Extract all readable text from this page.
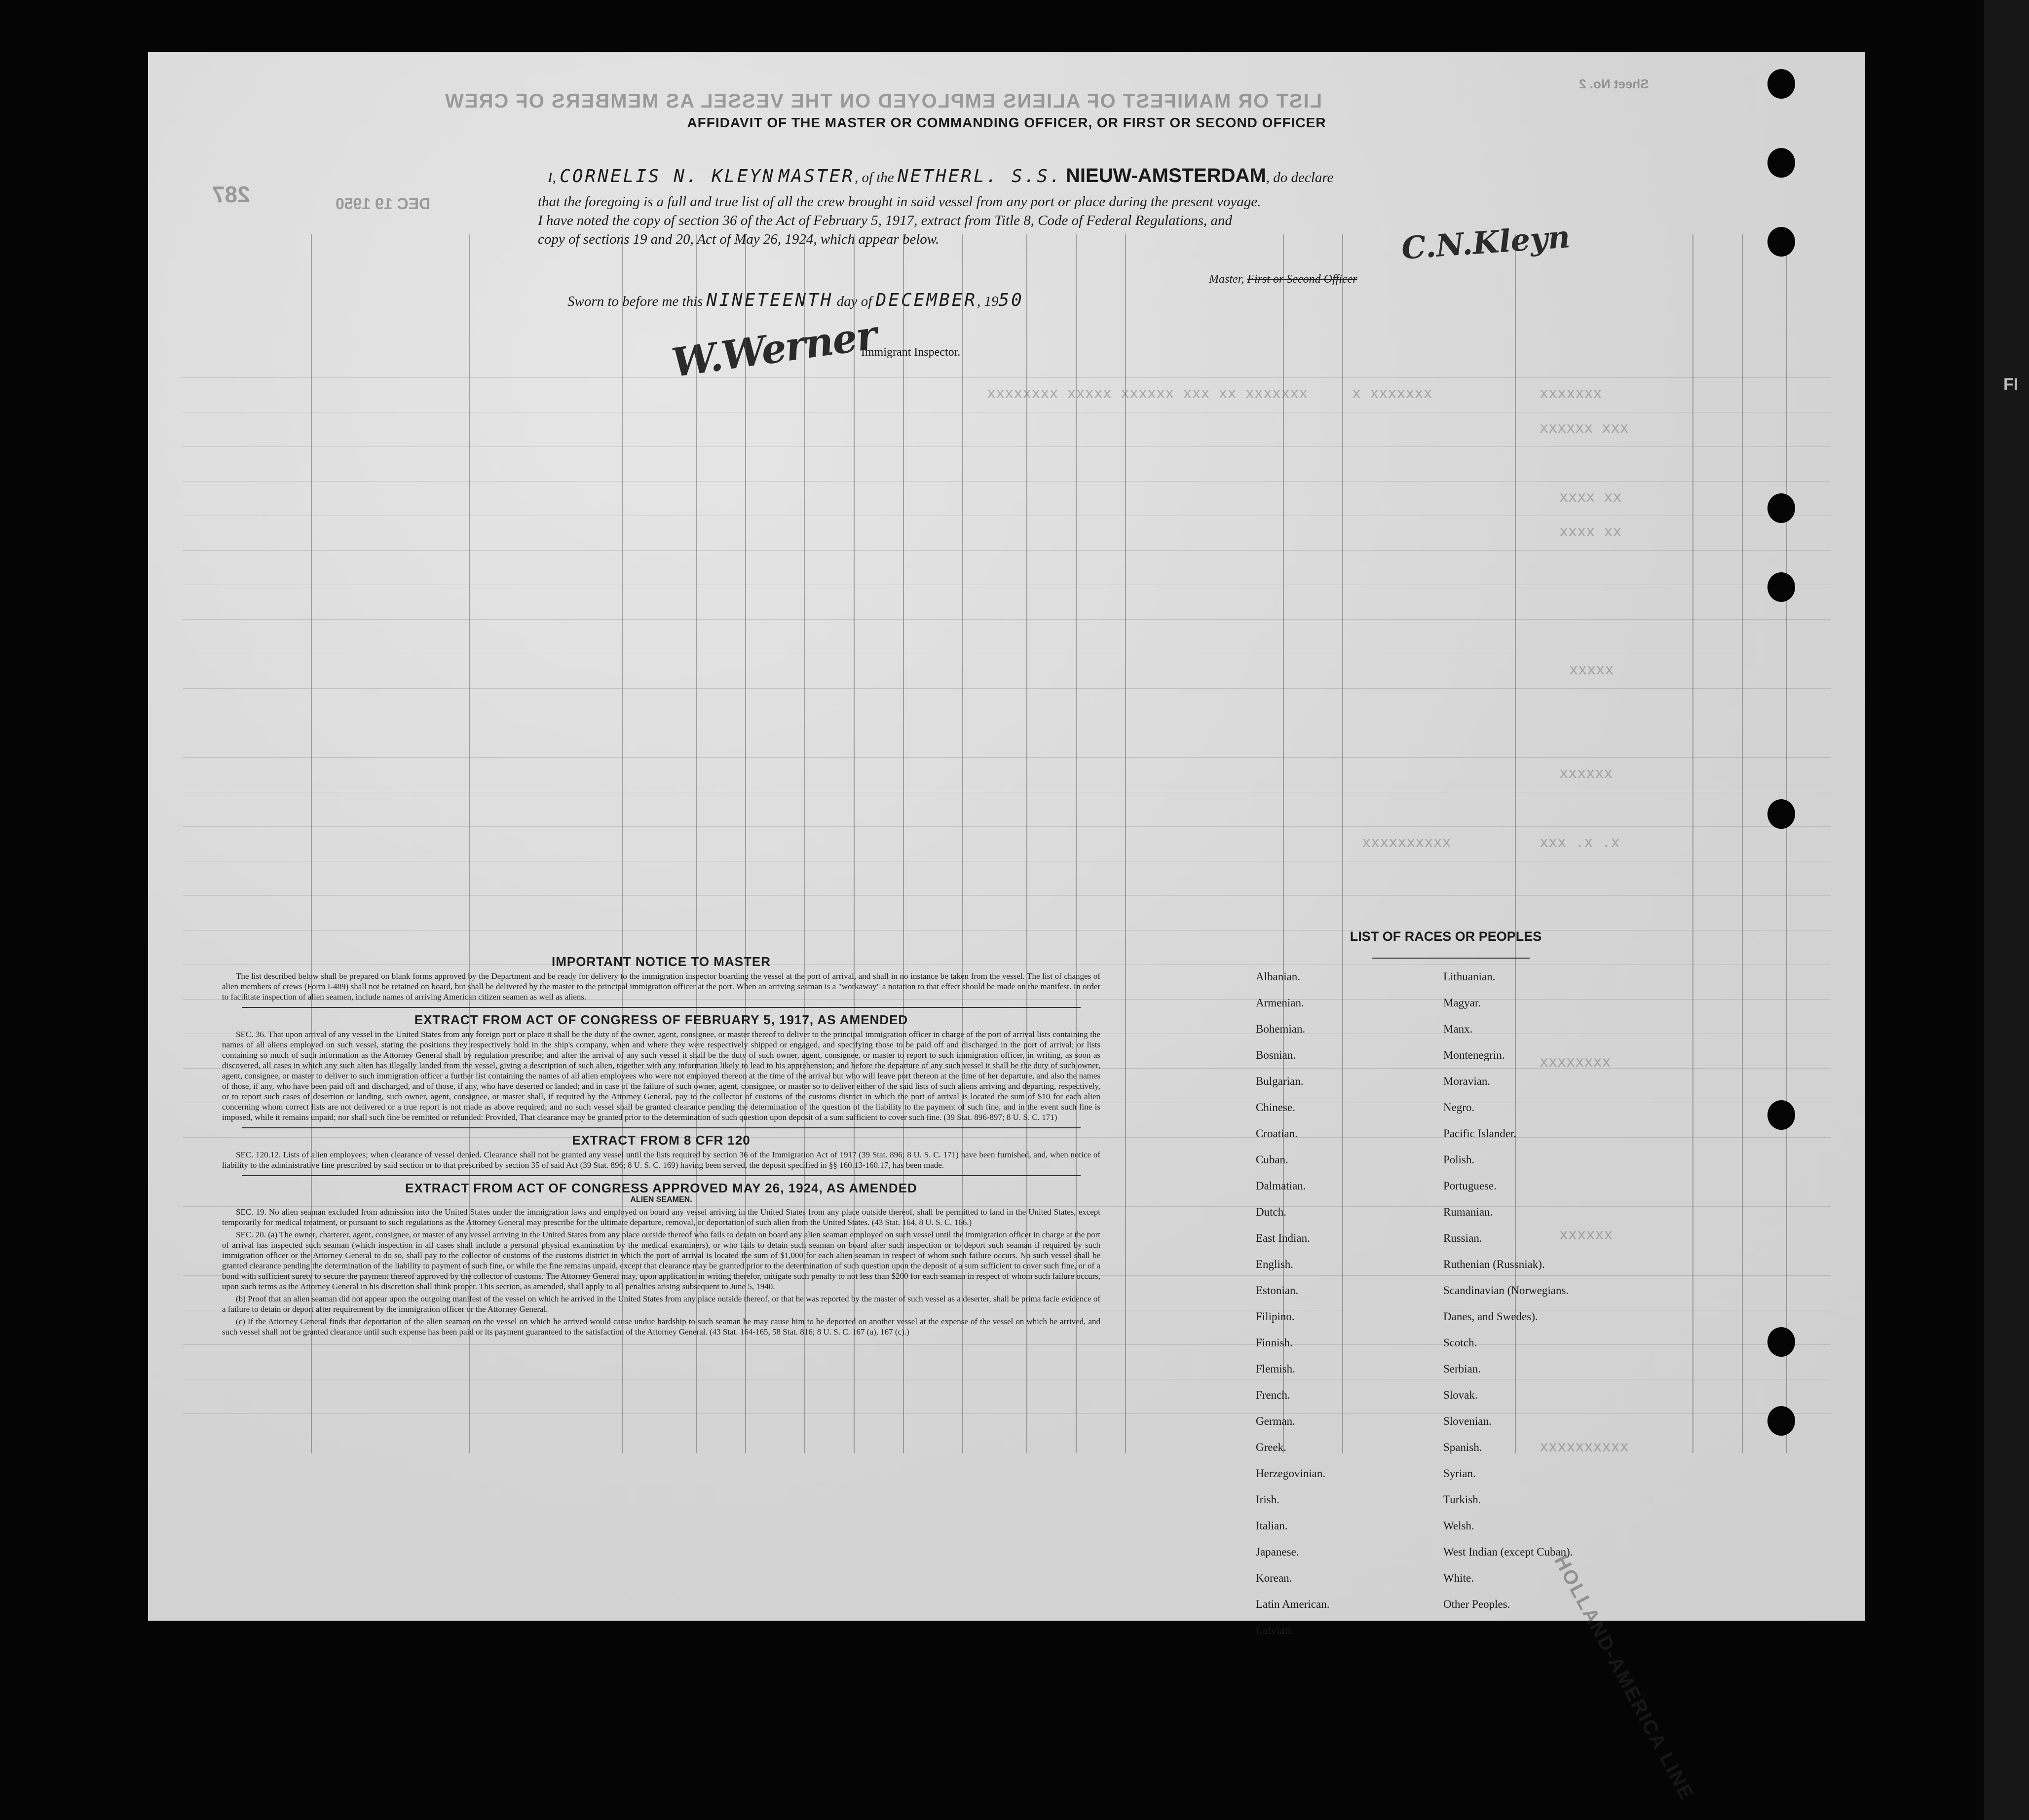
LIST OR MANIFEST OF ALIENS EMPLOYED ON THE VESSEL AS MEMBERS OF CREW
Sheet No. 2
287	DEC 19 1950
AFFIDAVIT OF THE MASTER OR COMMANDING OFFICER, OR FIRST OR SECOND OFFICER
I, CORNELIS N. KLEYN MASTER, of the NETHERL. S.S. NIEUW-AMSTERDAM, do declare
that the foregoing is a full and true list of all the crew brought in said vessel from any port or place during the present voyage.
I have noted the copy of section 36 of the Act of February 5, 1917, extract from Title 8, Code of Federal Regulations, and
copy of sections 19 and 20, Act of May 26, 1924, which appear below.	C.N.Kleyn
Master, First or Second Officer
Sworn to before me this NINETEENTH day of DECEMBER, 1950
W.Werner
Immigrant Inspector.
xxxxxxx
xxx xxxxxx
xxxxxxx x
xxxxxxx xx xxx xxxxxx xxxxx xxxxxxxx
xx xxxx
xx xxxx
xxxxx
xxxxxx
x. x. xxx
xxxxxxxxxx
xxxxxxxx
xxxxxx
xxxxxxxxxx
IMPORTANT NOTICE TO MASTER

The list described below shall be prepared on blank forms approved by the Department and be ready for delivery to the immigration inspector boarding the vessel at the port of arrival, and shall in no instance be taken from the vessel. The list of changes of alien members of crews (Form I-489) shall not be retained on board, but shall be delivered by the master to the principal immigration officer at the port. When an arriving seaman is a "workaway" a notation to that effect should be made on the manifest. In order to facilitate inspection of alien seamen, include names of arriving American citizen seamen as well as aliens.

EXTRACT FROM ACT OF CONGRESS OF FEBRUARY 5, 1917, AS AMENDED

SEC. 36. That upon arrival of any vessel in the United States from any foreign port or place it shall be the duty of the owner, agent, consignee, or master thereof to deliver to the principal immigration officer in charge of the port of arrival lists containing the names of all aliens employed on such vessel, stating the positions they respectively hold in the ship's company, when and where they were respectively shipped or engaged, and specifying those to be paid off and discharged in the port of arrival; or lists containing so much of such information as the Attorney General shall by regulation prescribe; and after the arrival of any such vessel it shall be the duty of such owner, agent, consignee, or master to report to such immigration officer, in writing, as soon as discovered, all cases in which any such alien has illegally landed from the vessel, giving a description of such alien, together with any information likely to lead to his apprehension; and before the departure of any such vessel it shall be the duty of such owner, agent, consignee, or master to deliver to such immigration officer a further list containing the names of all alien employees who were not employed thereon at the time of the arrival but who will leave port thereon at the time of her departure, and also the names of those, if any, who have been paid off and discharged, and of those, if any, who have deserted or landed; and in case of the failure of such owner, agent, consignee, or master so to deliver either of the said lists of such aliens arriving and departing, respectively, or to report such cases of desertion or landing, such owner, agent, consignee, or master shall, if required by the Attorney General, pay to the collector of customs of the customs district in which the port of arrival is located the sum of $10 for each alien concerning whom correct lists are not delivered or a true report is not made as above required; and no such vessel shall be granted clearance pending the determination of the question of the liability to the payment of such fine, and in the event such fine is imposed, while it remains unpaid; nor shall such fine be remitted or refunded: Provided, That clearance may be granted prior to the determination of such question upon deposit of a sum sufficient to cover such fine. (39 Stat. 896-897; 8 U. S. C. 171)

EXTRACT FROM 8 CFR 120

SEC. 120.12. Lists of alien employees; when clearance of vessel denied. Clearance shall not be granted any vessel until the lists required by section 36 of the Immigration Act of 1917 (39 Stat. 896; 8 U. S. C. 171) have been furnished, and, when notice of liability to the administrative fine prescribed by said section or to that prescribed by section 35 of said Act (39 Stat. 896; 8 U. S. C. 169) having been served, the deposit specified in §§ 160.13-160.17, has been made.

EXTRACT FROM ACT OF CONGRESS APPROVED MAY 26, 1924, AS AMENDED
ALIEN SEAMEN.

SEC. 19. No alien seaman excluded from admission into the United States under the immigration laws and employed on board any vessel arriving in the United States from any place outside thereof, shall be permitted to land in the United States, except temporarily for medical treatment, or pursuant to such regulations as the Attorney General may prescribe for the ultimate departure, removal, or deportation of such alien from the United States. (43 Stat. 164, 8 U. S. C. 166.)

SEC. 20. (a) The owner, charterer, agent, consignee, or master of any vessel arriving in the United States from any place outside thereof who fails to detain on board any alien seaman employed on such vessel until the immigration officer in charge at the port of arrival has inspected such seaman (which inspection in all cases shall include a personal physical examination by the medical examiners), or who fails to detain such seaman on board after such inspection or to deport such seaman if required by such immigration officer or the Attorney General to do so, shall pay to the collector of customs of the customs district in which the port of arrival is located the sum of $1,000 for each alien seaman in respect of whom such failure occurs. No such vessel shall be granted clearance pending the determination of the liability to payment of such fine, or while the fine remains unpaid, except that clearance may be granted prior to the determination of such question upon the deposit of a sum sufficient to cover such fine, or of a bond with sufficient surety to secure the payment thereof approved by the collector of customs. The Attorney General may, upon application in writing therefor, mitigate such penalty to not less than $200 for each seaman in respect of whom such failure occurs, upon such terms as the Attorney General in his discretion shall think proper. This section, as amended, shall apply to all penalties arising subsequent to June 5, 1940.

(b) Proof that an alien seaman did not appear upon the outgoing manifest of the vessel on which he arrived in the United States from any place outside thereof, or that he was reported by the master of such vessel as a deserter, shall be prima facie evidence of a failure to detain or deport after requirement by the immigration officer or the Attorney General.

(c) If the Attorney General finds that deportation of the alien seaman on the vessel on which he arrived would cause undue hardship to such seaman he may cause him to be deported on another vessel at the expense of the vessel on which he arrived, and such vessel shall not be granted clearance until such expense has been paid or its payment guaranteed to the satisfaction of the Attorney General. (43 Stat. 164-165, 58 Stat. 816; 8 U. S. C. 167 (a), 167 (c).)

LIST OF RACES OR PEOPLES
HOLLAND-AMERICA LINE
Albanian.
Armenian.
Bohemian.
Bosnian.
Bulgarian.
Chinese.
Croatian.
Cuban.
Dalmatian.
Dutch.
East Indian.
English.
Estonian.
Filipino.
Finnish.
Flemish.
French.
German.
Greek.
Herzegovinian.
Irish.
Italian.
Japanese.
Korean.
Latin American.
Latvian.
Lithuanian.
Magyar.
Manx.
Montenegrin.
Moravian.
Negro.
Pacific Islander.
Polish.
Portuguese.
Rumanian.
Russian.
Ruthenian (Russniak).
Scandinavian (Norwegians.
Danes, and Swedes).
Scotch.
Serbian.
Slovak.
Slovenian.
Spanish.
Syrian.
Turkish.
Welsh.
West Indian (except Cuban).
White.
Other Peoples.
FI
